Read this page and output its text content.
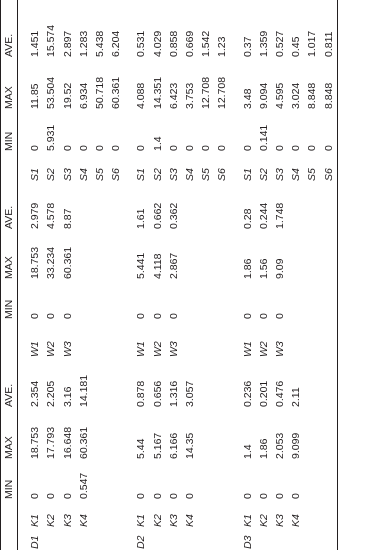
		MIN	MAX	AVE.		MIN	MAX	AVE.		MIN	MAX	AVE.
D1	K1	0	18.753	2.354	W1	0	18.753	2.979	S1	0	11.85	1.451
	K2	0	17.793	2.205	W2	0	33.234	4.578	S2	5.931	53.504	15.574
	K3	0	16.648	3.16	W3	0	60.361	8.87	S3	0	19.52	2.897
	K4	0.547	60.361	14.181					S4	0	6.934	1.283
									S5	0	50.718	5.438
									S6	0	60.361	6.204
D2	K1	0	5.44	0.878	W1	0	5.441	1.61	S1	0	4.088	0.531
	K2	0	5.167	0.656	W2	0	4.118	0.662	S2	1.4	14.351	4.029
	K3	0	6.166	1.316	W3	0	2.867	0.362	S3	0	6.423	0.858
	K4	0	14.35	3.057					S4	0	3.753	0.669
									S5	0	12.708	1.542
									S6	0	12.708	1.23
D3	K1	0	1.4	0.236	W1	0	1.86	0.28	S1	0	3.48	0.37
	K2	0	1.86	0.201	W2	0	1.56	0.244	S2	0.141	9.094	1.359
	K3	0	2.053	0.476	W3	0	9.09	1.748	S3	0	4.595	0.527
	K4	0	9.099	2.11					S4	0	3.024	0.45
									S5	0	8.848	1.017
									S6	0	8.848	0.811
